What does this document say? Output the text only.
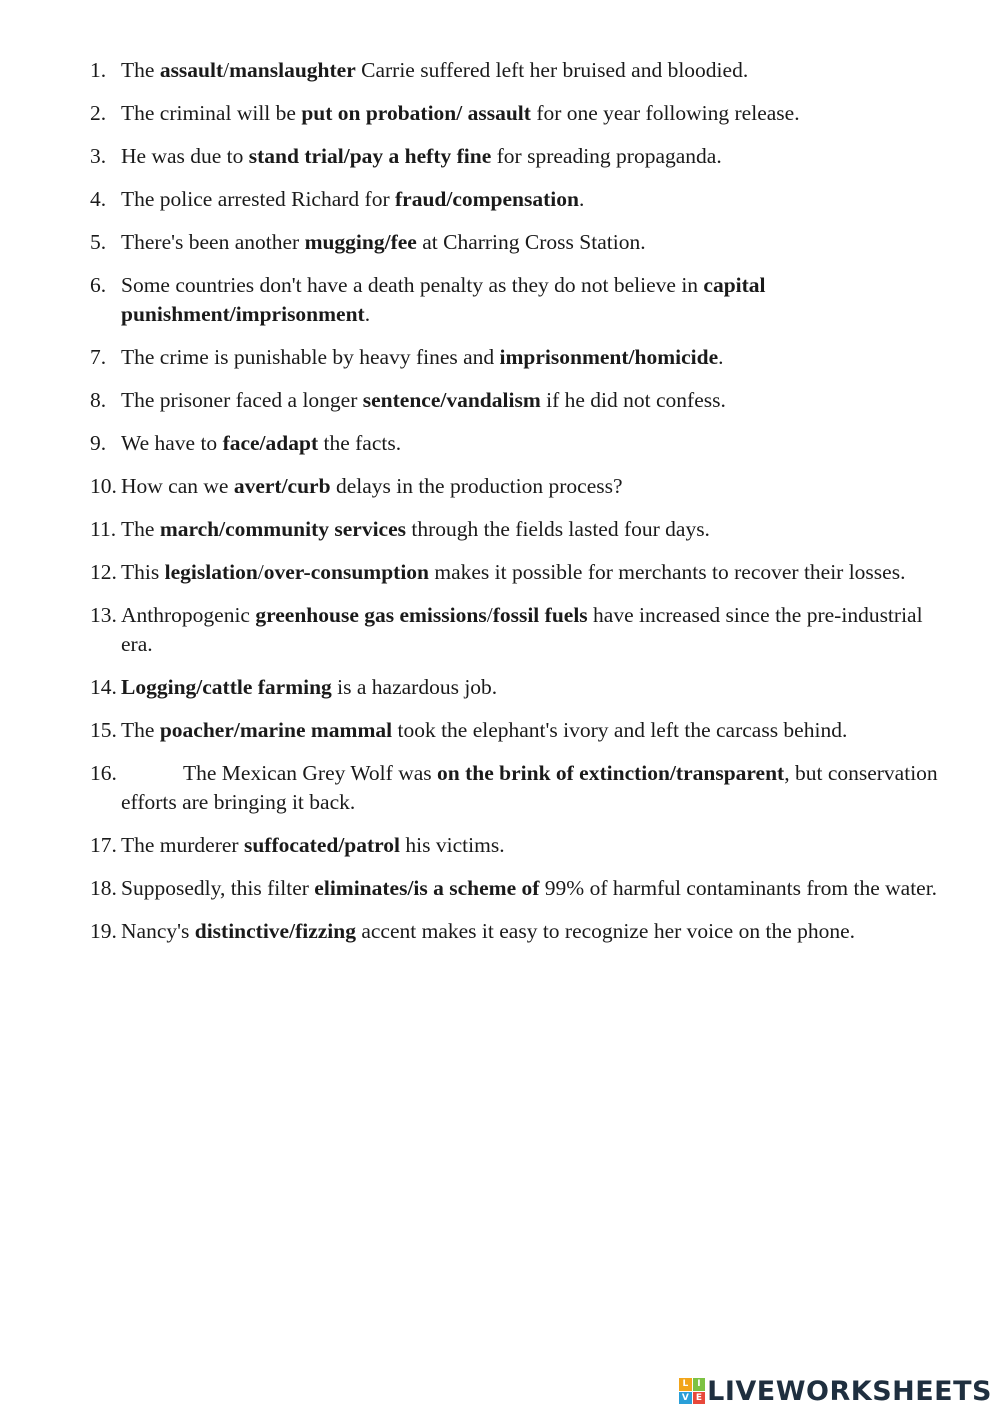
1. The assault/manslaughter Carrie suffered left her bruised and bloodied.
2. The criminal will be put on probation/ assault for one year following release.
3. He was due to stand trial/pay a hefty fine for spreading propaganda.
4. The police arrested Richard for fraud/compensation.
5. There's been another mugging/fee at Charring Cross Station.
6. Some countries don't have a death penalty as they do not believe in capital punishment/imprisonment.
7. The crime is punishable by heavy fines and imprisonment/homicide.
8. The prisoner faced a longer sentence/vandalism if he did not confess.
9. We have to face/adapt the facts.
10. How can we avert/curb delays in the production process?
11. The march/community services through the fields lasted four days.
12. This legislation/over-consumption makes it possible for merchants to recover their losses.
13. Anthropogenic greenhouse gas emissions/fossil fuels have increased since the pre-industrial era.
14. Logging/cattle farming is a hazardous job.
15. The poacher/marine mammal took the elephant's ivory and left the carcass behind.
16.	The Mexican Grey Wolf was on the brink of extinction/transparent, but conservation efforts are bringing it back.
17. The murderer suffocated/patrol his victims.
18. Supposedly, this filter eliminates/is a scheme of 99% of harmful contaminants from the water.
19. Nancy's distinctive/fizzing accent makes it easy to recognize her voice on the phone.
L I
V E LIVEWORKSHEETS
